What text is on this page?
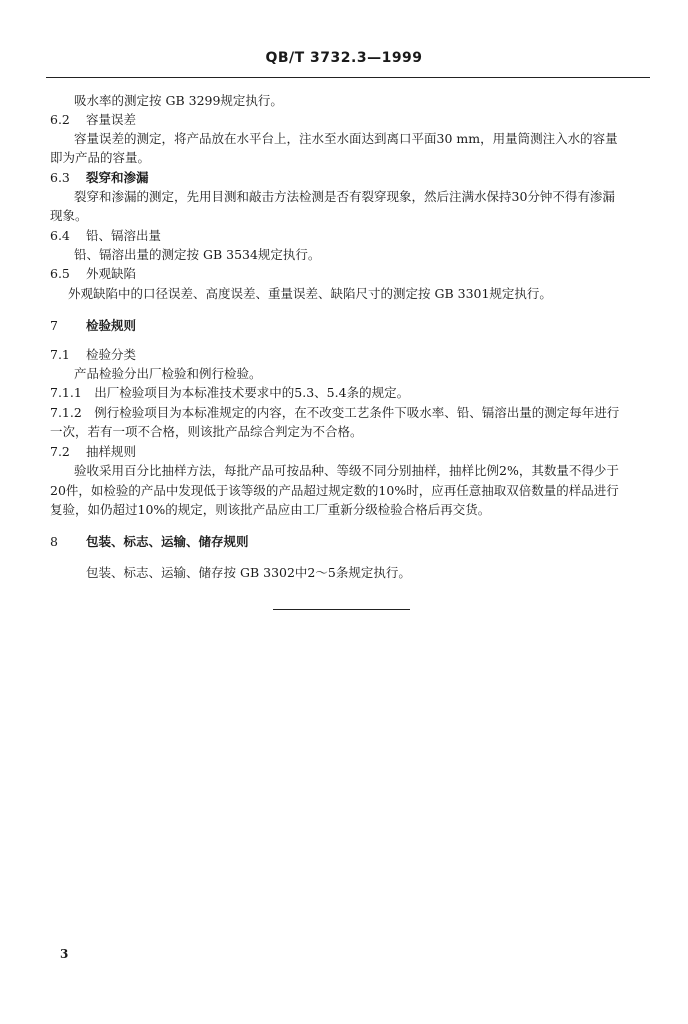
QB/T 3732.3—1999
吸水率的测定按 GB 3299规定执行。
6.2 容量误差
容量误差的测定，将产品放在水平台上，注水至水面达到离口平面30 mm，用量筒测注入水的容量
即为产品的容量。
6.3 裂穿和渗漏
裂穿和渗漏的测定，先用目测和敲击方法检测是否有裂穿现象，然后注满水保持30分钟不得有渗漏
现象。
6.4 铅、镉溶出量
铅、镉溶出量的测定按 GB 3534规定执行。
6.5 外观缺陷
外观缺陷中的口径误差、高度误差、重量误差、缺陷尺寸的测定按 GB 3301规定执行。
7 检验规则
7.1 检验分类
产品检验分出厂检验和例行检验。
7.1.1　出厂检验项目为本标准技术要求中的5.3、5.4条的规定。
7.1.2　例行检验项目为本标准规定的内容，在不改变工艺条件下吸水率、铅、镉溶出量的测定每年进行
一次，若有一项不合格，则该批产品综合判定为不合格。
7.2 抽样规则
验收采用百分比抽样方法，每批产品可按品种、等级不同分别抽样，抽样比例2%，其数量不得少于
20件，如检验的产品中发现低于该等级的产品超过规定数的10%时，应再任意抽取双倍数量的样品进行
复验，如仍超过10%的规定，则该批产品应由工厂重新分级检验合格后再交货。
8 包装、标志、运输、储存规则
包装、标志、运输、储存按 GB 3302中2～5条规定执行。
3
